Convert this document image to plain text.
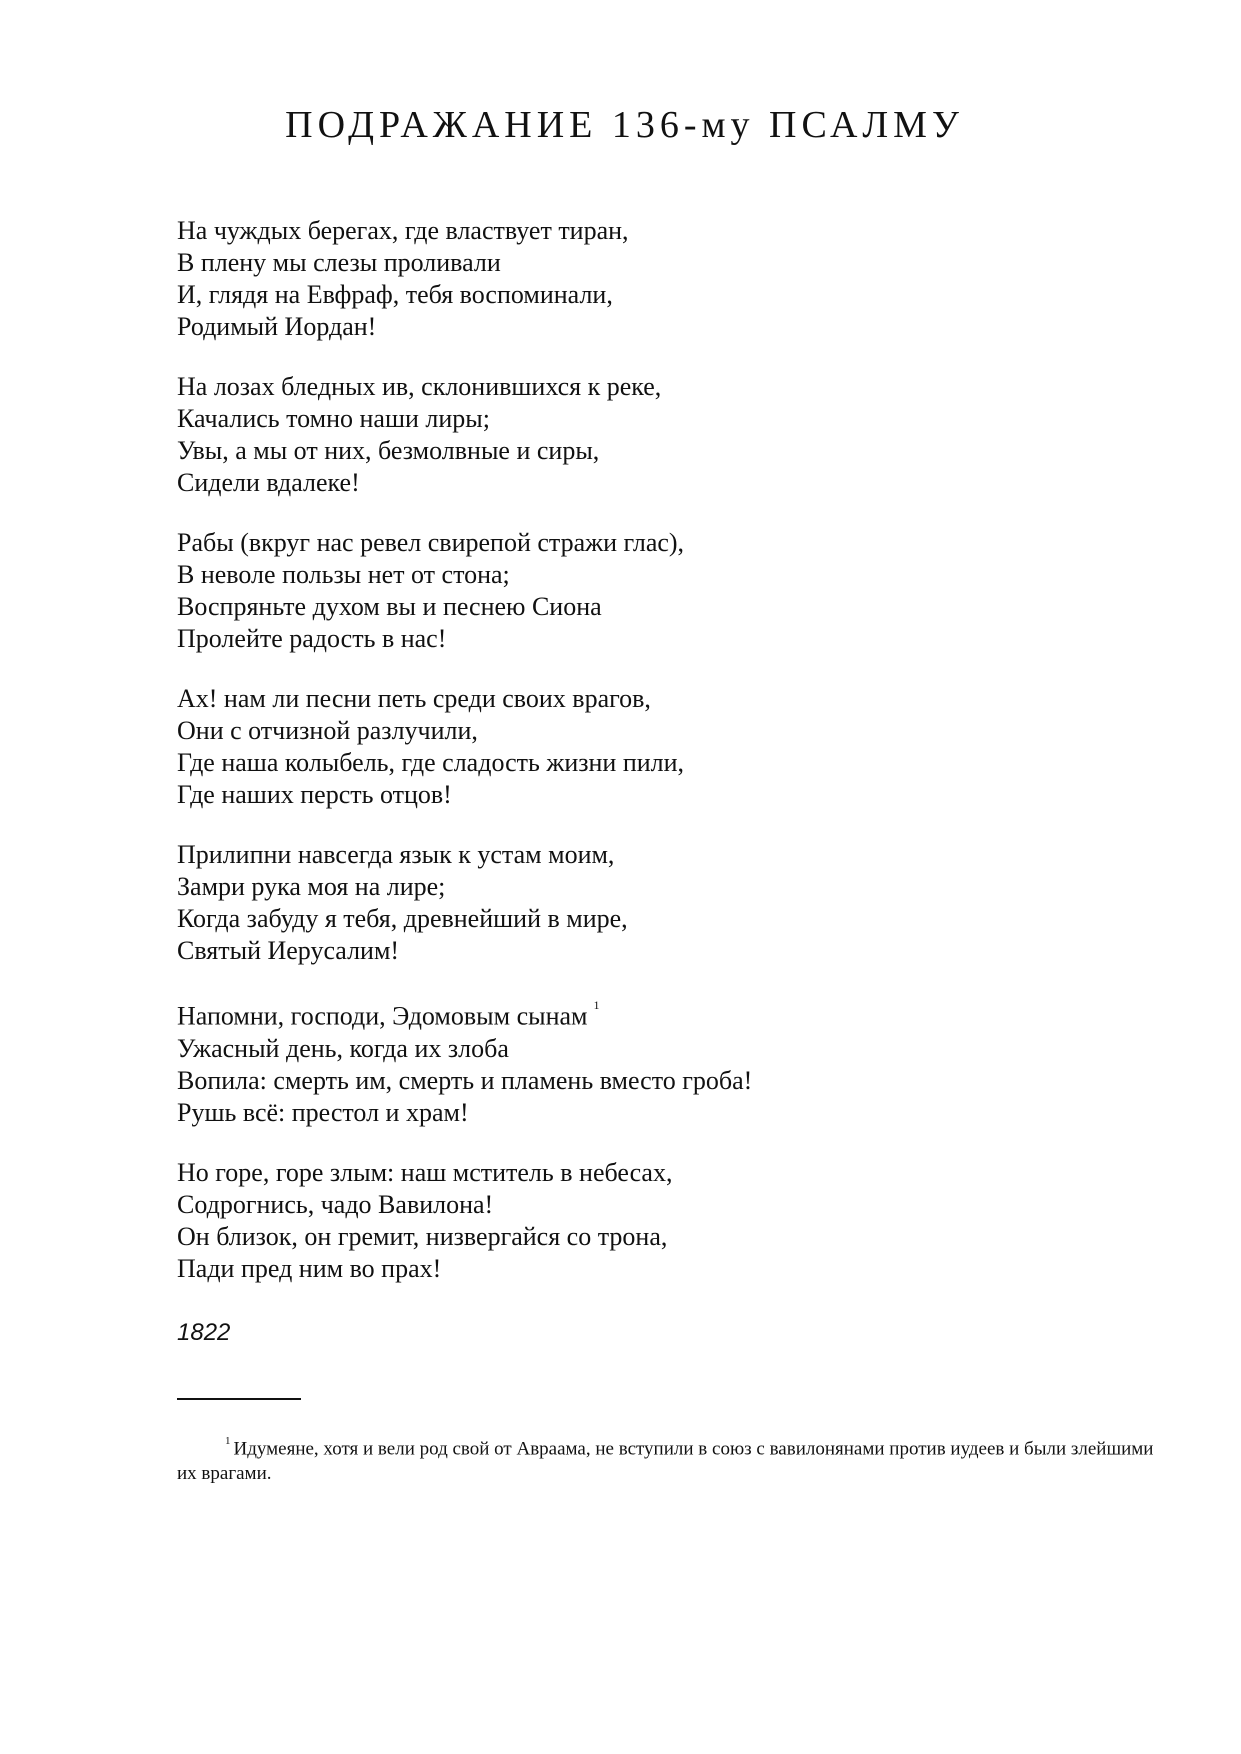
ПОДРАЖАНИЕ 136-му ПСАЛМУ
На чуждых берегах, где властвует тиран,
В плену мы слезы проливали
И, глядя на Евфраф, тебя воспоминали,
Родимый Иордан!
На лозах бледных ив, склонившихся к реке,
Качались томно наши лиры;
Увы, а мы от них, безмолвные и сиры,
Сидели вдалеке!
Рабы (вкруг нас ревел свирепой стражи глас),
В неволе пользы нет от стона;
Воспряньте духом вы и песнею Сиона
Пролейте радость в нас!
Ах! нам ли песни петь среди своих врагов,
Они с отчизной разлучили,
Где наша колыбель, где сладость жизни пили,
Где наших персть отцов!
Прилипни навсегда язык к устам моим,
Замри рука моя на лире;
Когда забуду я тебя, древнейший в мире,
Святый Иерусалим!
Напомни, господи, Эдомовым сынам $^1$
Ужасный день, когда их злоба
Вопила: смерть им, смерть и пламень вместо гроба!
Рушь всё: престол и храм!
Но горе, горе злым: наш мститель в небесах,
Содрогнись, чадо Вавилона!
Он близок, он гремит, низвергайся со трона,
Пади пред ним во прах!
1822
$^1$ Идумеяне, хотя и вели род свой от Авраама, не вступили в союз с вавилонянами против иудеев и были злейшими их врагами.
